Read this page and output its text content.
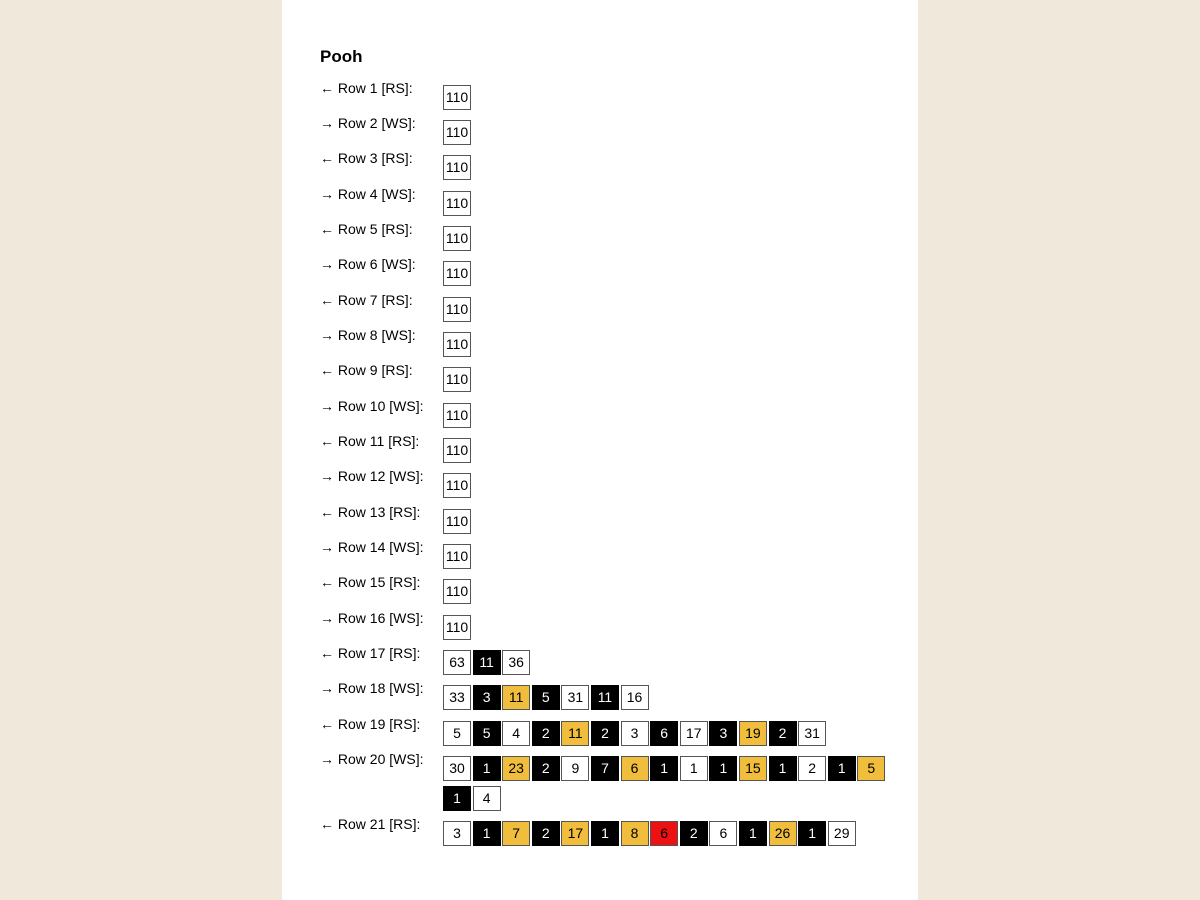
Pooh
← Row 1 [RS]:
110
→ Row 2 [WS]:
110
← Row 3 [RS]:
110
→ Row 4 [WS]:
110
← Row 5 [RS]:
110
→ Row 6 [WS]:
110
← Row 7 [RS]:
110
→ Row 8 [WS]:
110
← Row 9 [RS]:
110
→ Row 10 [WS]:
110
← Row 11 [RS]:
110
→ Row 12 [WS]:
110
← Row 13 [RS]:
110
→ Row 14 [WS]:
110
← Row 15 [RS]:
110
→ Row 16 [WS]:
110
← Row 17 [RS]:
63	11	36
→ Row 18 [WS]:
33	3	11	5	31	11	16
← Row 19 [RS]:
5	5	4	2	11	2	3	6	17	3	19	2	31
→ Row 20 [WS]:
30	1	23	2	9	7	6	1	1	1	15	1	2	1	5
1	4
← Row 21 [RS]:
3	1	7	2	17	1	8	6	2	6	1	26	1	29
